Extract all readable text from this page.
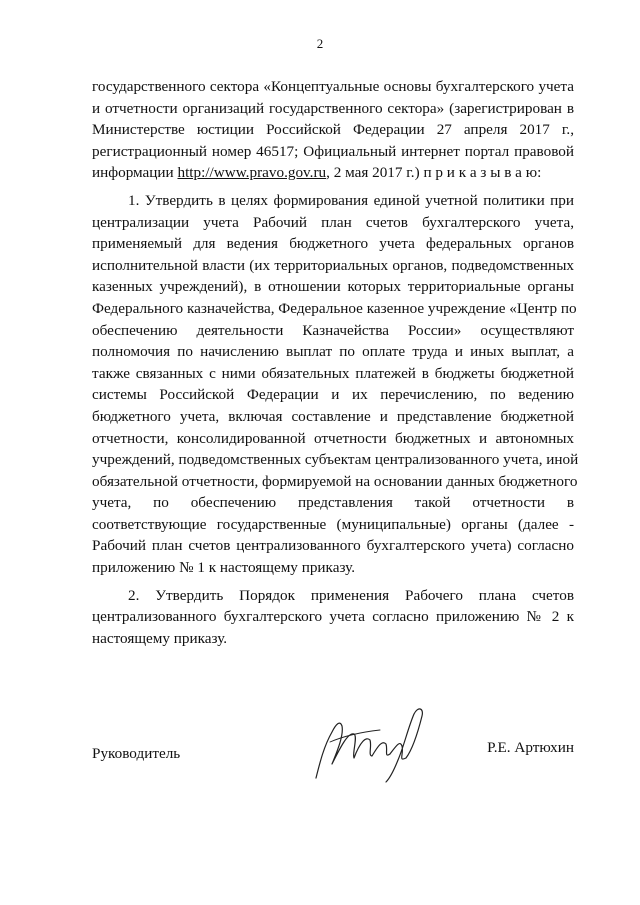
2
государственного сектора «Концептуальные основы бухгалтерского учета
и отчетности организаций государственного сектора» (зарегистрирован в
Министерстве юстиции Российской Федерации 27 апреля 2017 г.,
регистрационный номер 46517; Официальный интернет портал правовой
информации http://www.pravo.gov.ru, 2 мая 2017 г.) п р и к а з ы в а ю:
1. Утвердить в целях формирования единой учетной политики при
централизации учета Рабочий план счетов бухгалтерского учета,
применяемый для ведения бюджетного учета федеральных органов
исполнительной власти (их территориальных органов, подведомственных
казенных учреждений), в отношении которых территориальные органы
Федерального казначейства, Федеральное казенное учреждение «Центр по
обеспечению деятельности Казначейства России» осуществляют
полномочия по начислению выплат по оплате труда и иных выплат, а
также связанных с ними обязательных платежей в бюджеты бюджетной
системы Российской Федерации и их перечислению, по ведению
бюджетного учета, включая составление и представление бюджетной
отчетности, консолидированной отчетности бюджетных и автономных
учреждений, подведомственных субъектам централизованного учета, иной
обязательной отчетности, формируемой на основании данных бюджетного
учета, по обеспечению представления такой отчетности в
соответствующие государственные (муниципальные) органы (далее -
Рабочий план счетов централизованного бухгалтерского учета) согласно
приложению № 1 к настоящему приказу.
2. Утвердить Порядок применения Рабочего плана счетов
централизованного бухгалтерского учета согласно приложению № 2 к
настоящему приказу.
Руководитель	Р.Е. Артюхин
